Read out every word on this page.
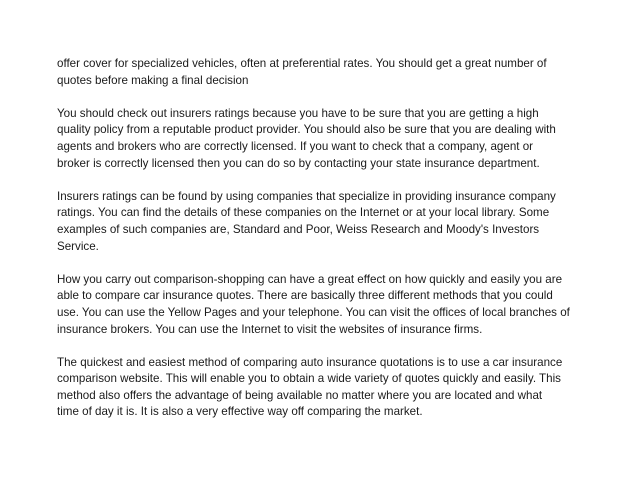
offer cover for specialized vehicles, often at preferential rates. You should get a great number of
quotes before making a final decision

You should check out insurers ratings because you have to be sure that you are getting a high
quality policy from a reputable product provider. You should also be sure that you are dealing with
agents and brokers who are correctly licensed. If you want to check that a company, agent or
broker is correctly licensed then you can do so by contacting your state insurance department.

Insurers ratings can be found by using companies that specialize in providing insurance company
ratings. You can find the details of these companies on the Internet or at your local library. Some
examples of such companies are, Standard and Poor, Weiss Research and Moody's Investors
Service.

How you carry out comparison-shopping can have a great effect on how quickly and easily you are
able to compare car insurance quotes. There are basically three different methods that you could
use. You can use the Yellow Pages and your telephone. You can visit the offices of local branches of
insurance brokers. You can use the Internet to visit the websites of insurance firms.

The quickest and easiest method of comparing auto insurance quotations is to use a car insurance
comparison website. This will enable you to obtain a wide variety of quotes quickly and easily. This
method also offers the advantage of being available no matter where you are located and what
time of day it is. It is also a very effective way off comparing the market.
